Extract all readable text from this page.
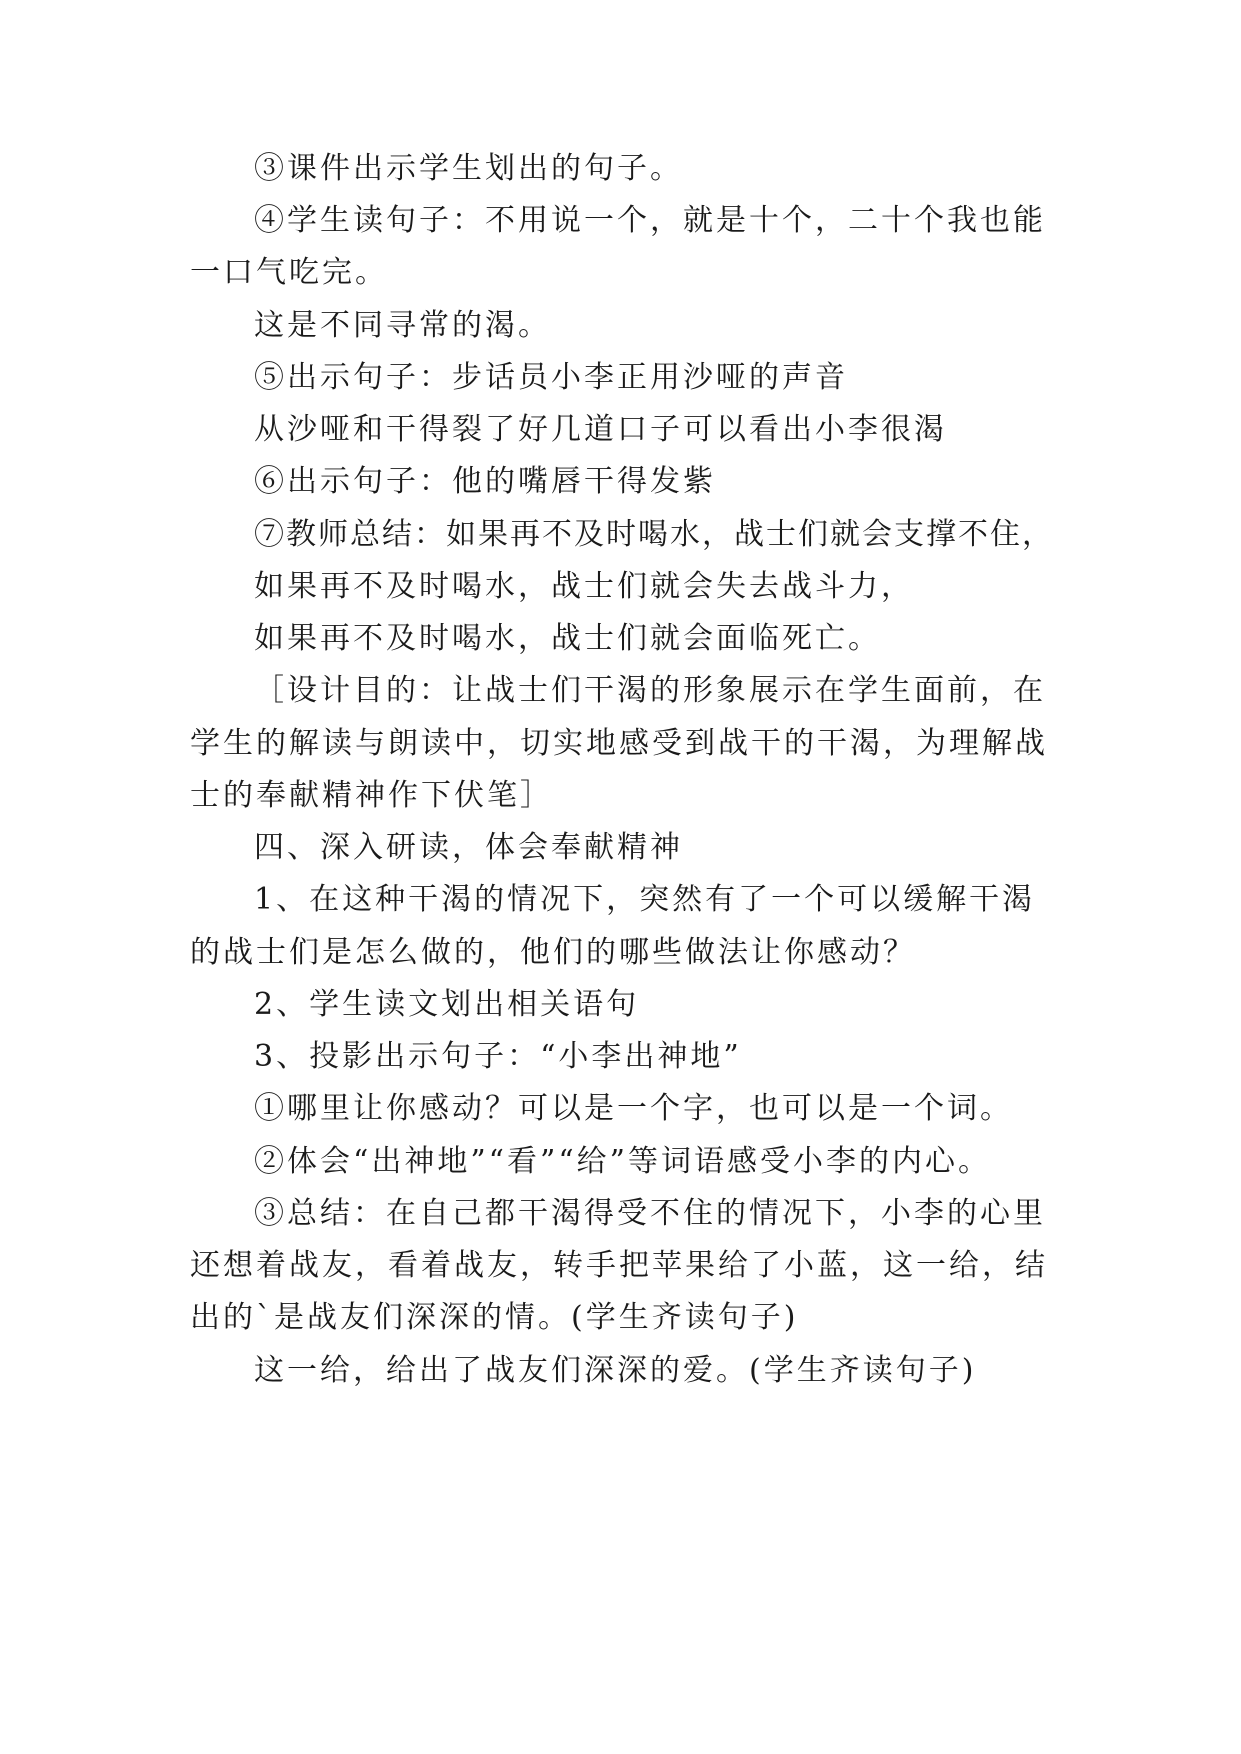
③课件出示学生划出的句子。
④学生读句子：不用说一个，就是十个，二十个我也能
一口气吃完。
这是不同寻常的渴。
⑤出示句子：步话员小李正用沙哑的声音
从沙哑和干得裂了好几道口子可以看出小李很渴
⑥出示句子：他的嘴唇干得发紫
⑦教师总结：如果再不及时喝水，战士们就会支撑不住，
如果再不及时喝水，战士们就会失去战斗力，
如果再不及时喝水，战士们就会面临死亡。
［设计目的：让战士们干渴的形象展示在学生面前，在
学生的解读与朗读中，切实地感受到战干的干渴，为理解战
士的奉献精神作下伏笔］
四、深入研读，体会奉献精神
1、在这种干渴的情况下，突然有了一个可以缓解干渴
的战士们是怎么做的，他们的哪些做法让你感动？
2、学生读文划出相关语句
3、投影出示句子：“小李出神地”
①哪里让你感动？可以是一个字，也可以是一个词。
②体会“出神地”“看”“给”等词语感受小李的内心。
③总结：在自己都干渴得受不住的情况下，小李的心里
还想着战友，看着战友，转手把苹果给了小蓝，这一给，结
出的`是战友们深深的情。(学生齐读句子)
这一给，给出了战友们深深的爱。(学生齐读句子)
